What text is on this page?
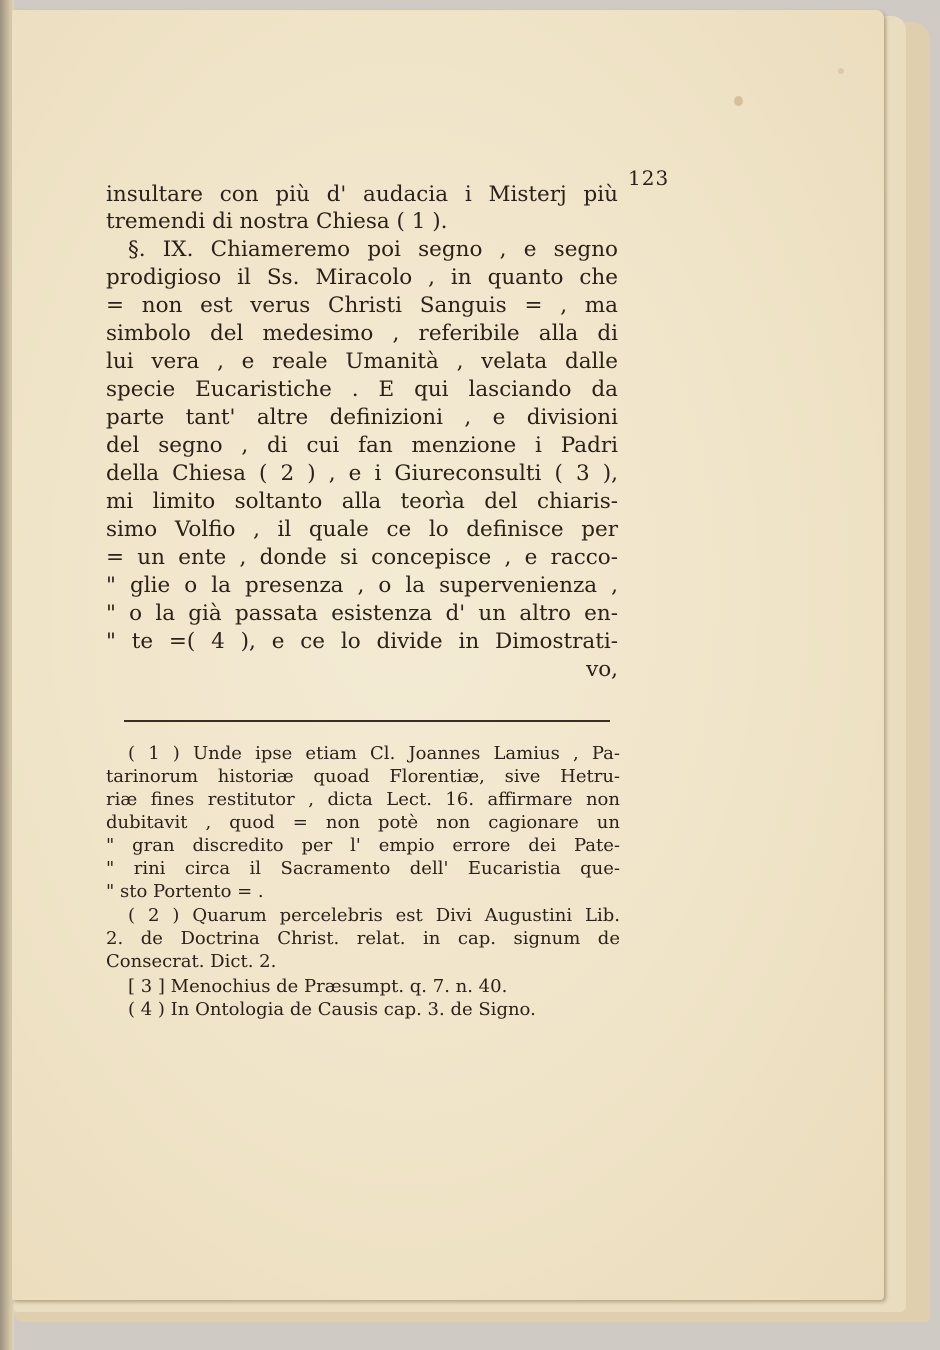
123
insultare con più d' audacia i Misterj più
tremendi di nostra Chiesa ( 1 ).
§. IX. Chiameremo poi segno , e segno
prodigioso il Ss. Miracolo , in quanto che
= non est verus Christi Sanguis = , ma
simbolo del medesimo , referibile alla di
lui vera , e reale Umanità , velata dalle
specie Eucaristiche . E qui lasciando da
parte tant' altre definizioni , e divisioni
del segno , di cui fan menzione i Padri
della Chiesa ( 2 ) , e i Giureconsulti ( 3 ),
mi limito soltanto alla teorìa del chiaris-
simo Volfio , il quale ce lo definisce per
= un ente , donde si concepisce , e racco-
" glie o la presenza , o la supervenienza ,
" o la già passata esistenza d' un altro en-
" te =( 4 ), e ce lo divide in Dimostrati-
vo,
( 1 ) Unde ipse etiam Cl. Joannes Lamius , Pa-
tarinorum historiæ quoad Florentiæ, sive Hetru-
riæ fines restitutor , dicta Lect. 16. affirmare non
dubitavit , quod = non potè non cagionare un
" gran discredito per l' empio errore dei Pate-
" rini circa il Sacramento dell' Eucaristia que-
" sto Portento = .
( 2 ) Quarum percelebris est Divi Augustini Lib.
2. de Doctrina Christ. relat. in cap. signum de
Consecrat. Dict. 2.
[ 3 ] Menochius de Præsumpt. q. 7. n. 40.
( 4 ) In Ontologia de Causis cap. 3. de Signo.
